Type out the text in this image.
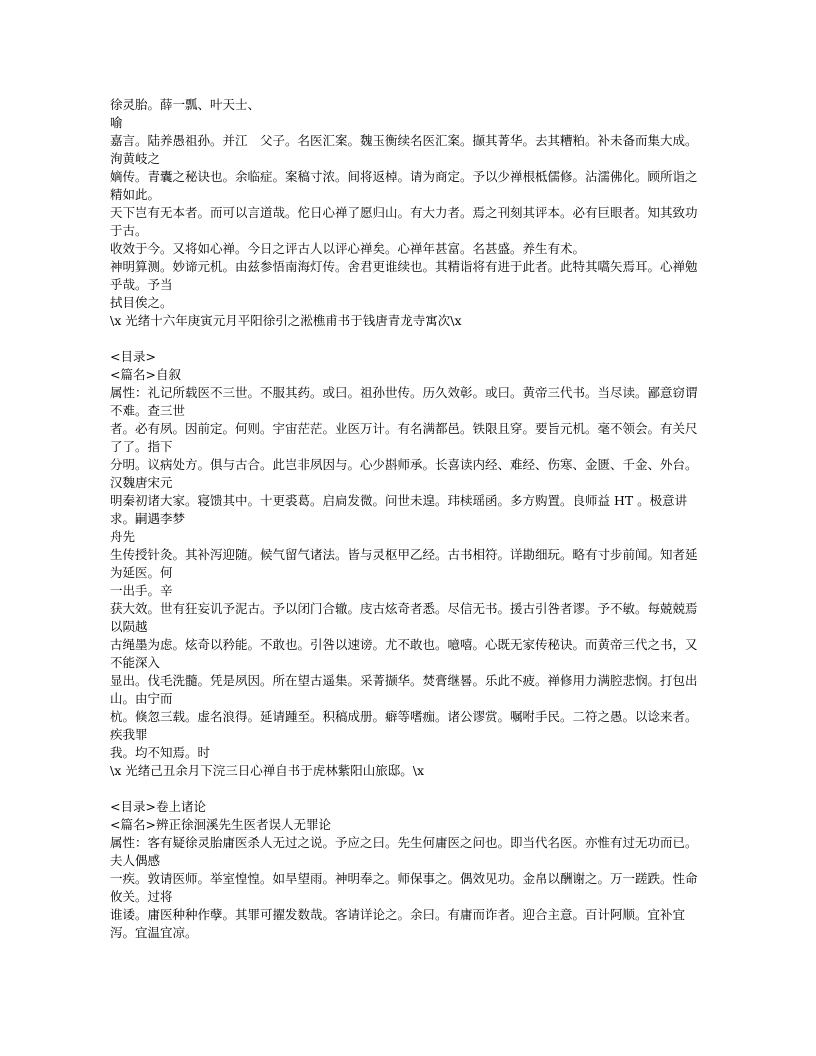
徐灵胎。薛一瓢、叶天士、

喻

嘉言。陆养愚祖孙。并江　父子。名医汇案。魏玉衡续名医汇案。撷其菁华。去其糟粕。补未备而集大成。洵黄岐之

嫡传。青囊之秘诀也。余临症。案稿寸浓。间将返棹。请为商定。予以少禅根柢儒修。沾濡佛化。顾所诣之精如此。

天下岂有无本者。而可以言道哉。佗日心禅了愿归山。有大力者。焉之刊刻其评本。必有巨眼者。知其致功于古。

收效于今。又将如心禅。今日之评古人以评心禅矣。心禅年甚富。名甚盛。养生有术。

神明算测。妙谛元机。由兹参悟南海灯传。舍君更谁续也。其精诣将有进于此者。此特其嚆矢焉耳。心禅勉乎哉。予当

拭目俟之。

\x 光绪十六年庚寅元月平阳徐引之淞樵甫书于钱唐青龙寺寓次\x

<目录>

<篇名>自叙

属性：礼记所载医不三世。不服其药。或曰。祖孙世传。历久效彰。或曰。黄帝三代书。当尽读。鄙意窃谓不难。查三世

者。必有夙。因前定。何则。宇宙茫茫。业医万计。有名满都邑。铁限且穿。要旨元机。毫不领会。有关尺了了。指下

分明。议病处方。俱与古合。此岂非夙因与。心少斟师承。长喜读内经、难经、伤寒、金匮、千金、外台。汉魏唐宋元

明秦初诸大家。寝馈其中。十更裘葛。启扃发微。问世未遑。玮椟瑶函。多方购置。良师益 HT 。极意讲求。嗣遇李梦

舟先

生传授针灸。其补泻迎随。候气留气诸法。皆与灵枢甲乙经。古书相符。详勘细玩。略有寸步前闻。知者延为延医。何

一出手。辛

获大效。世有狂妄讥予泥古。予以闭门合辙。庋古炫奇者悉。尽信无书。援古引咎者谬。予不敏。每兢兢焉以陨越

古绳墨为虑。炫奇以矜能。不敢也。引咎以速谤。尤不敢也。噫嘻。心既无家传秘诀。而黄帝三代之书，又不能深入

显出。伐毛洗髓。凭是夙因。所在望古遥集。采菁撷华。焚膏继晷。乐此不疲。禅修用力满腔悲悯。打包出山。由宁而

杭。倏忽三载。虚名浪得。延请踵至。积稿成册。癖等嗜痂。诸公谬赏。嘱咐手民。二符之愚。以谂来者。疾我罪

我。均不知焉。时

\x 光绪己丑余月下浣三日心禅自书于虎林紫阳山旅邸。\x

<目录>卷上诸论

<篇名>辨正徐洄溪先生医者误人无罪论

属性：客有疑徐灵胎庸医杀人无过之说。予应之曰。先生何庸医之问也。即当代名医。亦惟有过无功而已。夫人偶感

一疾。敦请医师。举室惶惶。如旱望雨。神明奉之。师保事之。偶效见功。金帛以酬谢之。万一蹉跌。性命攸关。过将

谁诿。庸医种种作孽。其罪可擢发数哉。客请详论之。余曰。有庸而诈者。迎合主意。百计阿顺。宜补宜泻。宜温宜凉。
